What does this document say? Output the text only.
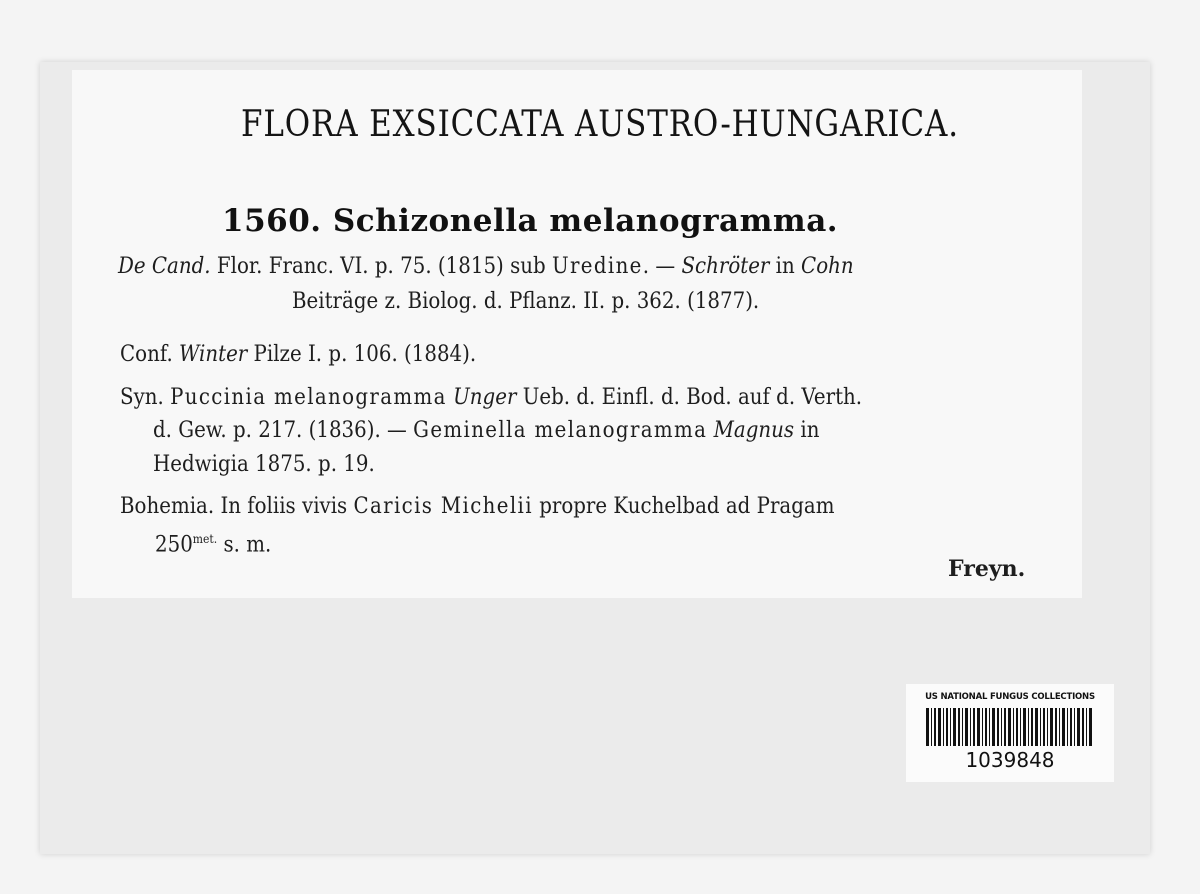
FLORA EXSICCATA AUSTRO-HUNGARICA.
1560. Schizonella melanogramma.
De Cand. Flor. Franc. VI. p. 75. (1815) sub Uredine. — Schröter in Cohn
Beiträge z. Biolog. d. Pflanz. II. p. 362. (1877).
Conf. Winter Pilze I. p. 106. (1884).
Syn. Puccinia melanogramma Unger Ueb. d. Einfl. d. Bod. auf d. Verth.
d. Gew. p. 217. (1836). — Geminella melanogramma Magnus in
Hedwigia 1875. p. 19.
Bohemia. In foliis vivis Caricis Michelii propre Kuchelbad ad Pragam
$250^{met.}$ s. m.
Freyn.
US NATIONAL FUNGUS COLLECTIONS
1039848
